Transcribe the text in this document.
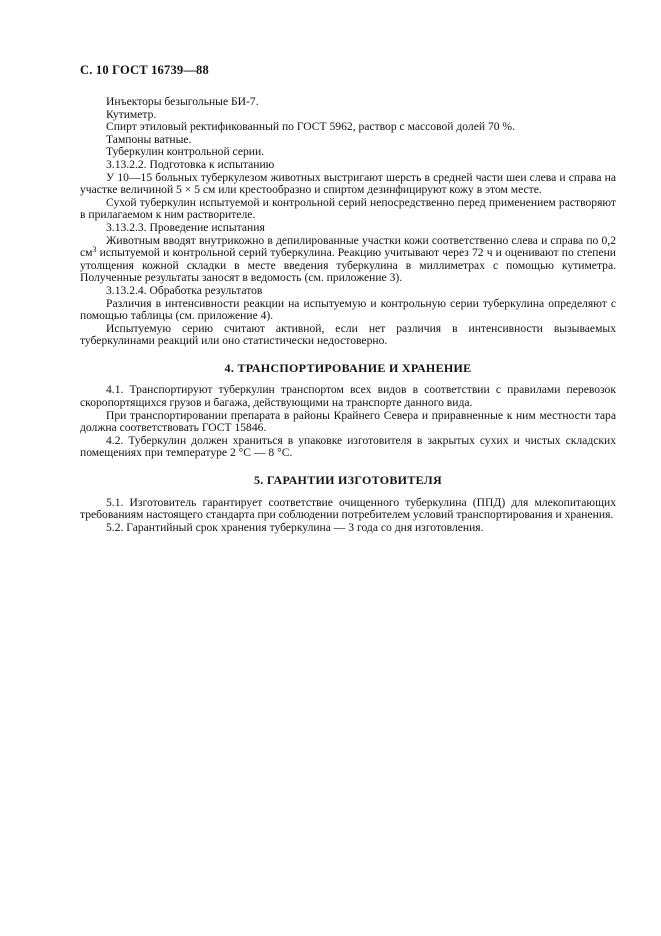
С. 10 ГОСТ 16739—88

Инъекторы безыгольные БИ-7.

Кутиметр.

Спирт этиловый ректификованный по ГОСТ 5962, раствор с массовой долей 70 %.

Тампоны ватные.

Туберкулин контрольной серии.

3.13.2.2. Подготовка к испытанию

У 10—15 больных туберкулезом животных выстригают шерсть в средней части шеи слева и справа на участке величиной 5 × 5 см или крестообразно и спиртом дезинфицируют кожу в этом месте.

Сухой туберкулин испытуемой и контрольной серий непосредственно перед применением растворяют в прилагаемом к ним растворителе.

3.13.2.3. Проведение испытания

Животным вводят внутрикожно в депилированные участки кожи соответственно слева и справа по 0,2 $см^3$ испытуемой и контрольной серий туберкулина. Реакцию учитывают через 72 ч и оценивают по степени утолщения кожной складки в месте введения туберкулина в миллиметрах с помощью кутиметра. Полученные результаты заносят в ведомость (см. приложение 3).

3.13.2.4. Обработка результатов

Различия в интенсивности реакции на испытуемую и контрольную серии туберкулина определяют с помощью таблицы (см. приложение 4).

Испытуемую серию считают активной, если нет различия в интенсивности вызываемых туберкулинами реакций или оно статистически недостоверно.

4. ТРАНСПОРТИРОВАНИЕ И ХРАНЕНИЕ

4.1. Транспортируют туберкулин транспортом всех видов в соответствии с правилами перевозок скоропортящихся грузов и багажа, действующими на транспорте данного вида.

При транспортировании препарата в районы Крайнего Севера и приравненные к ним местности тара должна соответствовать ГОСТ 15846.

4.2. Туберкулин должен храниться в упаковке изготовителя в закрытых сухих и чистых складских помещениях при температуре 2 °С — 8 °С.

5. ГАРАНТИИ ИЗГОТОВИТЕЛЯ

5.1. Изготовитель гарантирует соответствие очищенного туберкулина (ППД) для млекопитающих требованиям настоящего стандарта при соблюдении потребителем условий транспортирования и хранения.

5.2. Гарантийный срок хранения туберкулина — 3 года со дня изготовления.
